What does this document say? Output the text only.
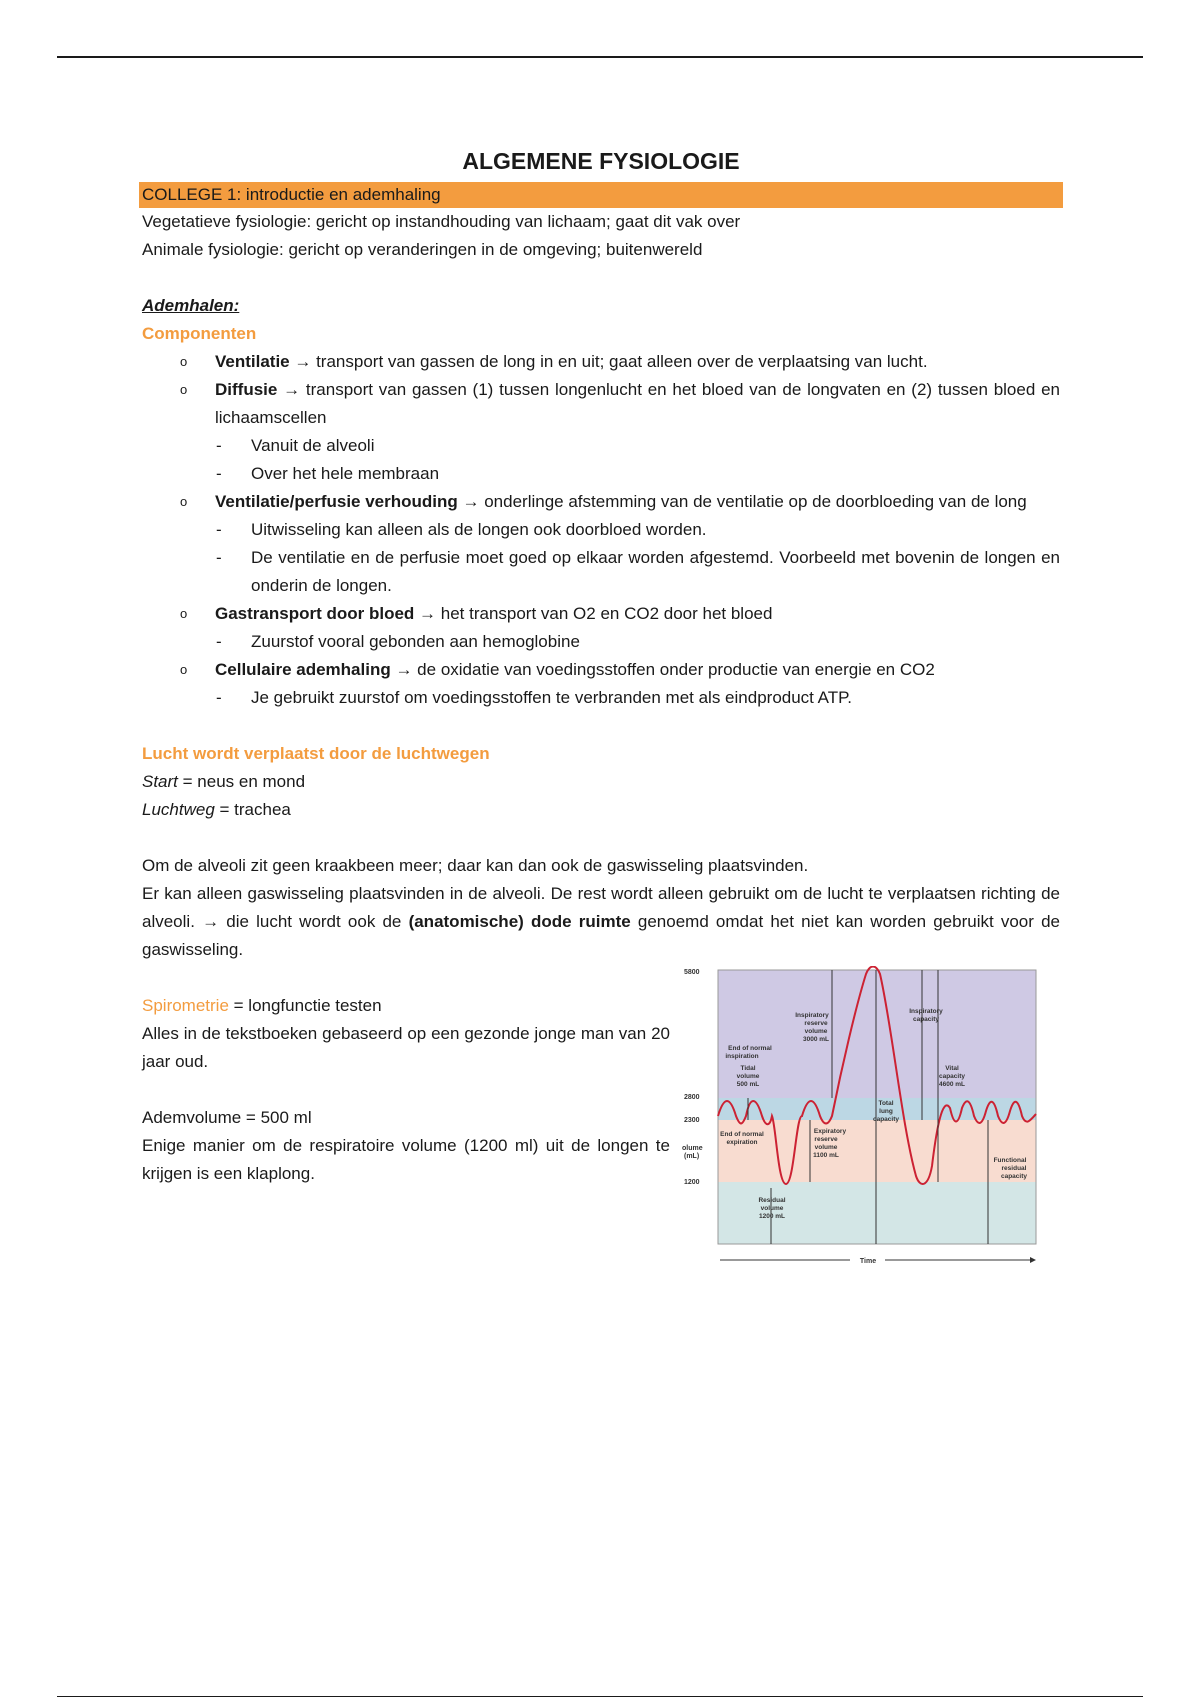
ALGEMENE FYSIOLOGIE
COLLEGE 1: introductie en ademhaling
Vegetatieve fysiologie: gericht op instandhouding van lichaam; gaat dit vak over
Animale fysiologie: gericht op veranderingen in de omgeving; buitenwereld
Ademhalen:
Componenten
o Ventilatie → transport van gassen de long in en uit; gaat alleen over de verplaatsing van lucht.
o Diffusie → transport van gassen (1) tussen longenlucht en het bloed van de longvaten en (2) tussen bloed en lichaamscellen
- Vanuit de alveoli
- Over het hele membraan
o Ventilatie/perfusie verhouding → onderlinge afstemming van de ventilatie op de doorbloeding van de long
- Uitwisseling kan alleen als de longen ook doorbloed worden.
- De ventilatie en de perfusie moet goed op elkaar worden afgestemd. Voorbeeld met bovenin de longen en onderin de longen.
o Gastransport door bloed → het transport van O2 en CO2 door het bloed
- Zuurstof vooral gebonden aan hemoglobine
o Cellulaire ademhaling → de oxidatie van voedingsstoffen onder productie van energie en CO2
- Je gebruikt zuurstof om voedingsstoffen te verbranden met als eindproduct ATP.
Lucht wordt verplaatst door de luchtwegen
Start = neus en mond
Luchtweg = trachea
Om de alveoli zit geen kraakbeen meer; daar kan dan ook de gaswisseling plaatsvinden.
Er kan alleen gaswisseling plaatsvinden in de alveoli. De rest wordt alleen gebruikt om de lucht te verplaatsen richting de alveoli. → die lucht wordt ook de (anatomische) dode ruimte genoemd omdat het niet kan worden gebruikt voor de gaswisseling.
Spirometrie = longfunctie testen
Alles in de tekstboeken gebaseerd op een gezonde jonge man van 20 jaar oud.
Ademvolume = 500 ml
Enige manier om de respiratoire volume (1200 ml) uit de longen te krijgen is een klaplong.
5800
2800
2300
1200
olume
(mL)
End of normal
inspiration
Tidal
volume
500 mL
End of normal
expiration
Inspiratory
reserve
volume
3000 mL
Expiratory
reserve
volume
1100 mL
Residual
volume
1200 mL
Total
lung
capacity
Inspiratory
capacity
Vital
capacity
4600 mL
Functional
residual
capacity
Time
